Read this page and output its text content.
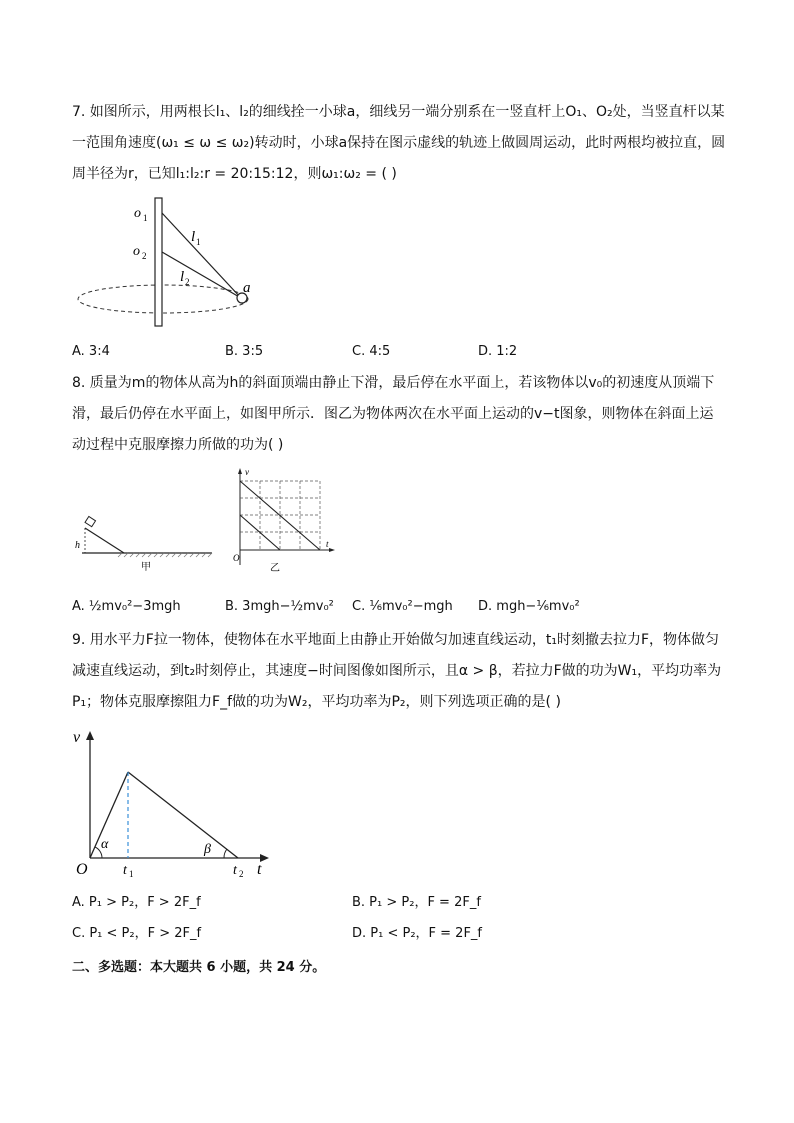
7. 如图所示，用两根长l₁、l₂的细线拴一小球a，细线另一端分别系在一竖直杆上O₁、O₂处，当竖直杆以某
一范围角速度(ω₁ ≤ ω ≤ ω₂)转动时，小球a保持在图示虚线的轨迹上做圆周运动，此时两根均被拉直，圆
周半径为r，已知l₁:l₂:r = 20:15:12，则ω₁:ω₂ = ( )
o 1
o 2
l 1
l 2	a
A. 3:4	B. 3:5	C. 4:5	D. 1:2
8. 质量为m的物体从高为h的斜面顶端由静止下滑，最后停在水平面上，若该物体以v₀的初速度从顶端下
滑，最后仍停在水平面上，如图甲所示．图乙为物体两次在水平面上运动的v−t图象，则物体在斜面上运
动过程中克服摩擦力所做的功为( )
h
甲
v
t
O
乙
A. ½mv₀²−3mgh	B. 3mgh−½mv₀² C. ⅙mv₀²−mgh D. mgh−⅙mv₀²
9. 用水平力F拉一物体，使物体在水平地面上由静止开始做匀加速直线运动，t₁时刻撤去拉力F，物体做匀
减速直线运动，到t₂时刻停止，其速度−时间图像如图所示，且α > β，若拉力F做的功为W₁，平均功率为
P₁；物体克服摩擦阻力F_f做的功为W₂，平均功率为P₂，则下列选项正确的是( )
v
O	t
t 1	t 2
α	β
A. P₁ > P₂，F > 2F_f	B. P₁ > P₂，F = 2F_f
C. P₁ < P₂，F > 2F_f	D. P₁ < P₂，F = 2F_f
二、多选题：本大题共 6 小题，共 24 分。
